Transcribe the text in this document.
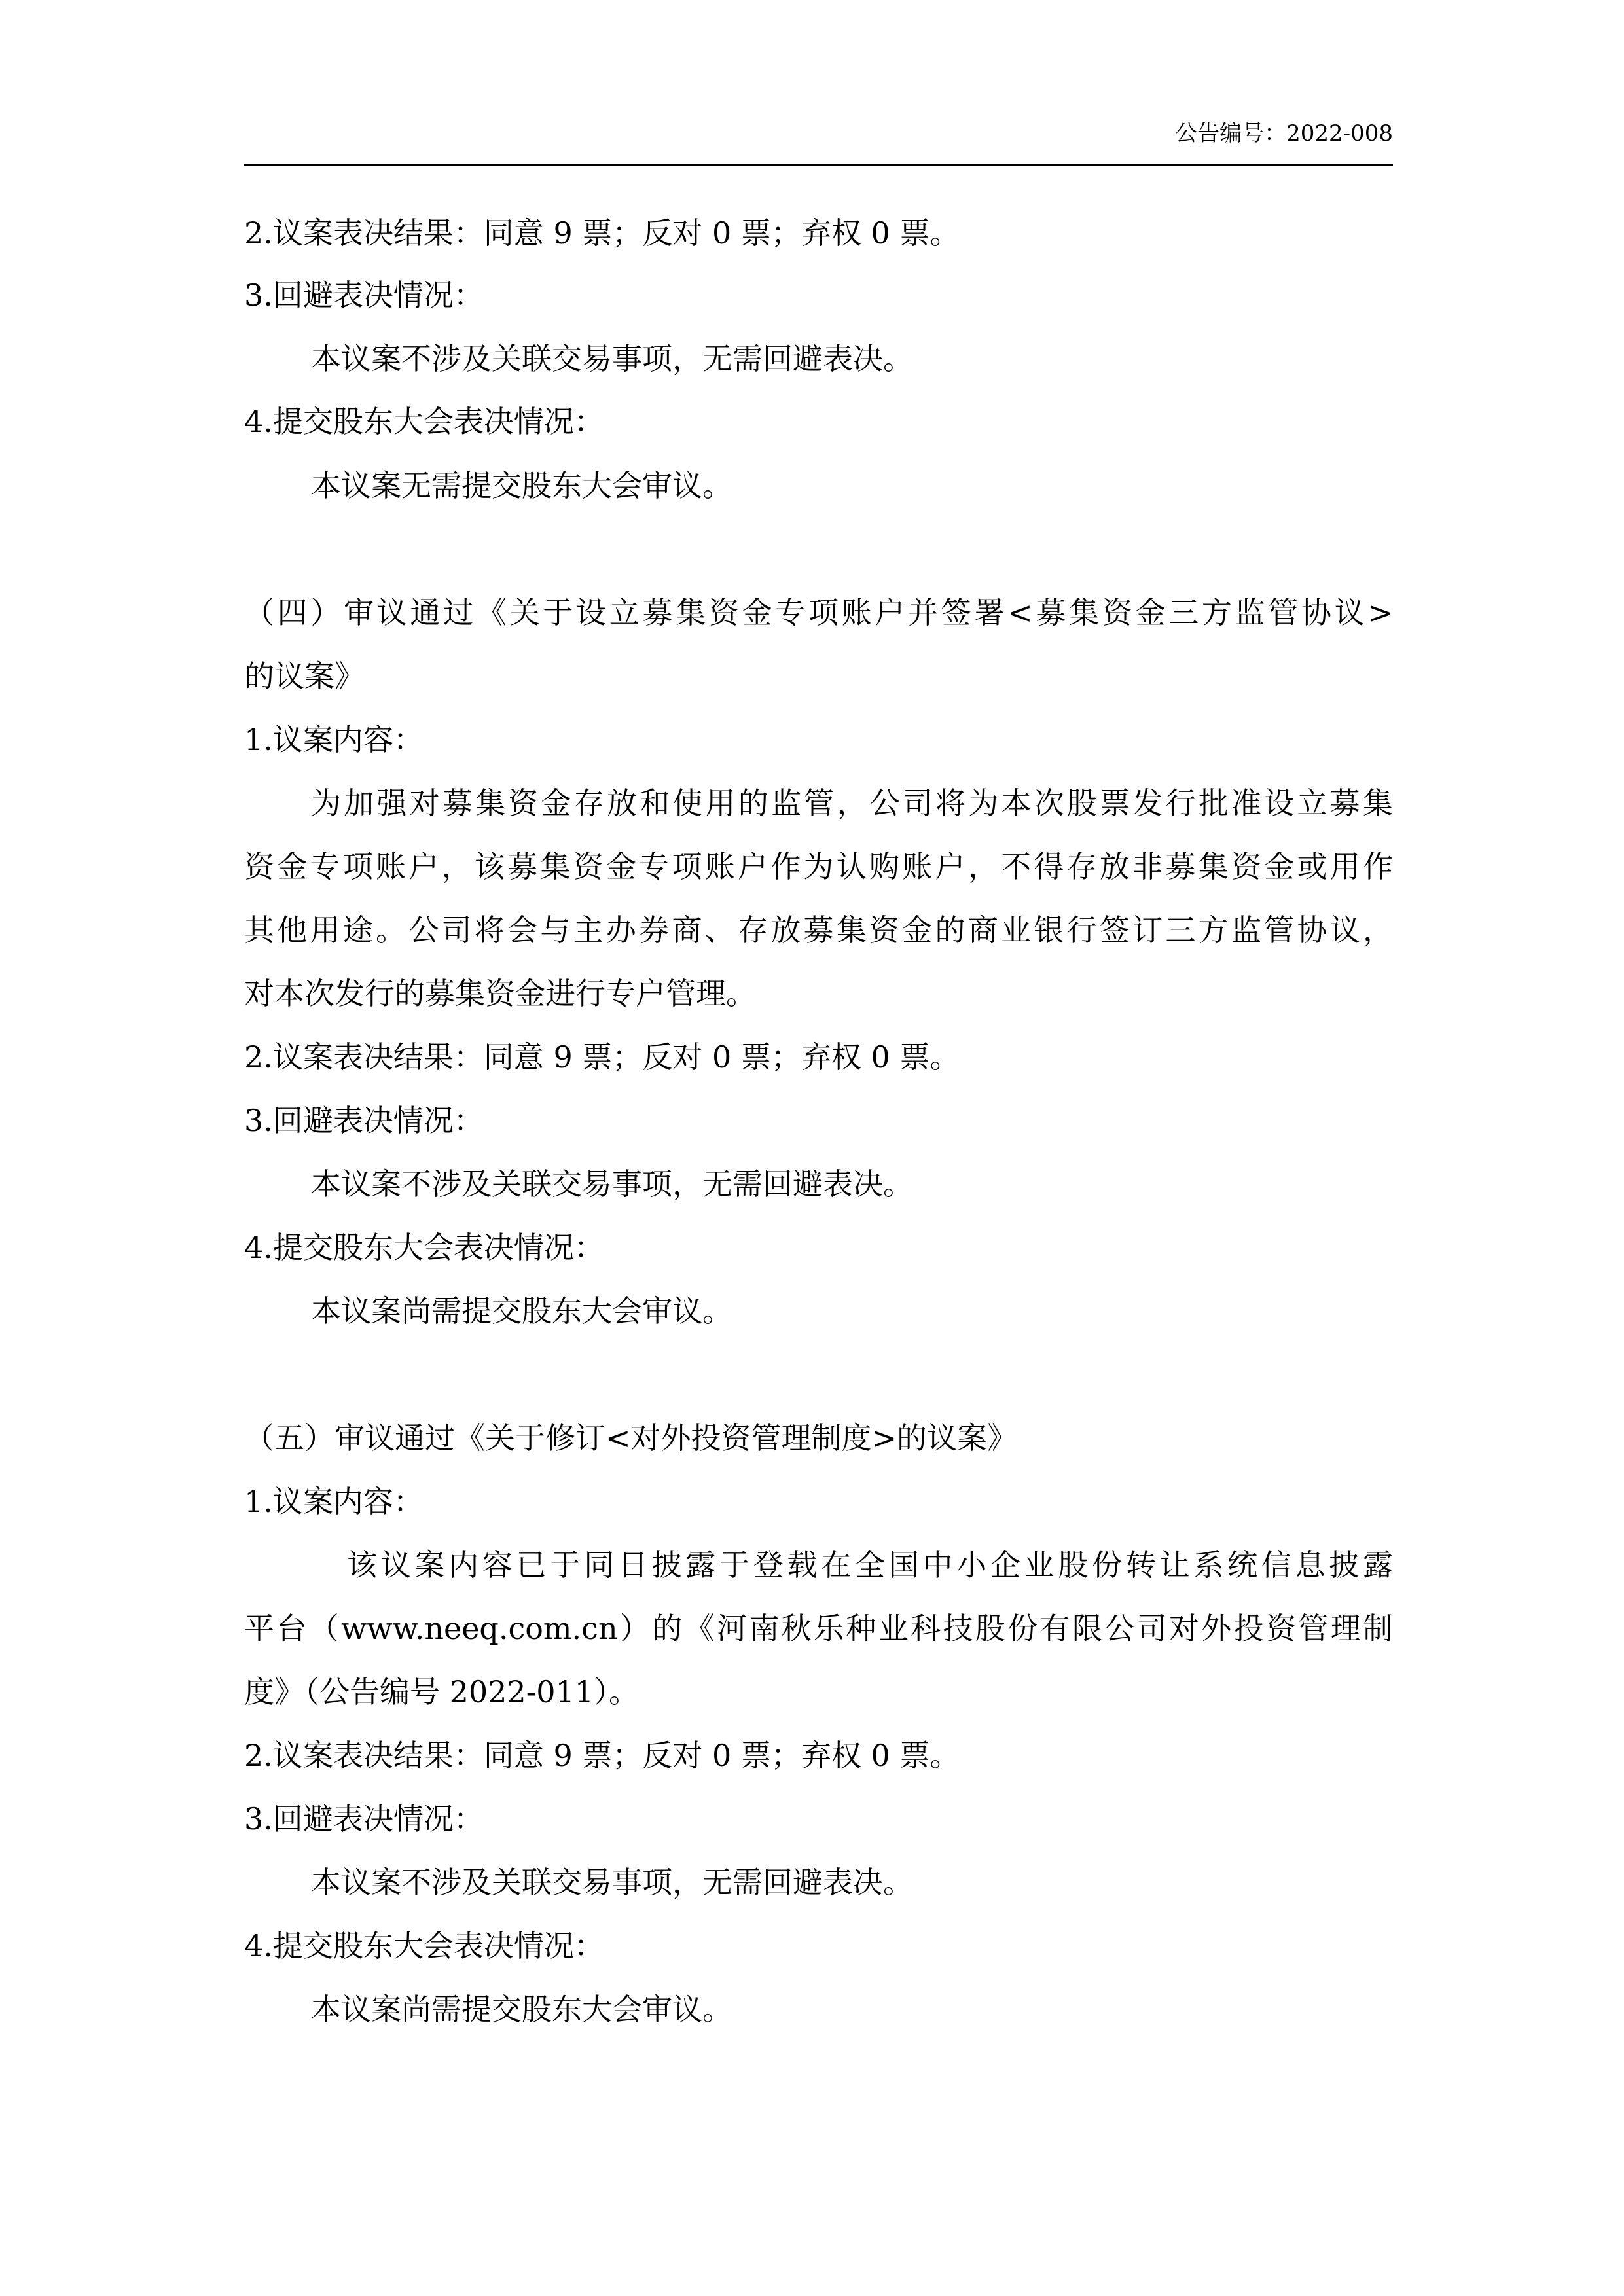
公告编号：2022-008
2.议案表决结果：同意 9 票；反对 0 票；弃权 0 票。
3.回避表决情况：
本议案不涉及关联交易事项，无需回避表决。
4.提交股东大会表决情况：
本议案无需提交股东大会审议。
（四）审议通过《关于设立募集资金专项账户并签署<募集资金三方监管协议>
的议案》
1.议案内容：
为加强对募集资金存放和使用的监管，公司将为本次股票发行批准设立募集
资金专项账户，该募集资金专项账户作为认购账户，不得存放非募集资金或用作
其他用途。公司将会与主办券商、存放募集资金的商业银行签订三方监管协议，
对本次发行的募集资金进行专户管理。
2.议案表决结果：同意 9 票；反对 0 票；弃权 0 票。
3.回避表决情况：
本议案不涉及关联交易事项，无需回避表决。
4.提交股东大会表决情况：
本议案尚需提交股东大会审议。
（五）审议通过《关于修订<对外投资管理制度>的议案》
1.议案内容：
该议案内容已于同日披露于登载在全国中小企业股份转让系统信息披露
平台（www.neeq.com.cn）的《河南秋乐种业科技股份有限公司对外投资管理制
度》（公告编号 2022-011）。
2.议案表决结果：同意 9 票；反对 0 票；弃权 0 票。
3.回避表决情况：
本议案不涉及关联交易事项，无需回避表决。
4.提交股东大会表决情况：
本议案尚需提交股东大会审议。
